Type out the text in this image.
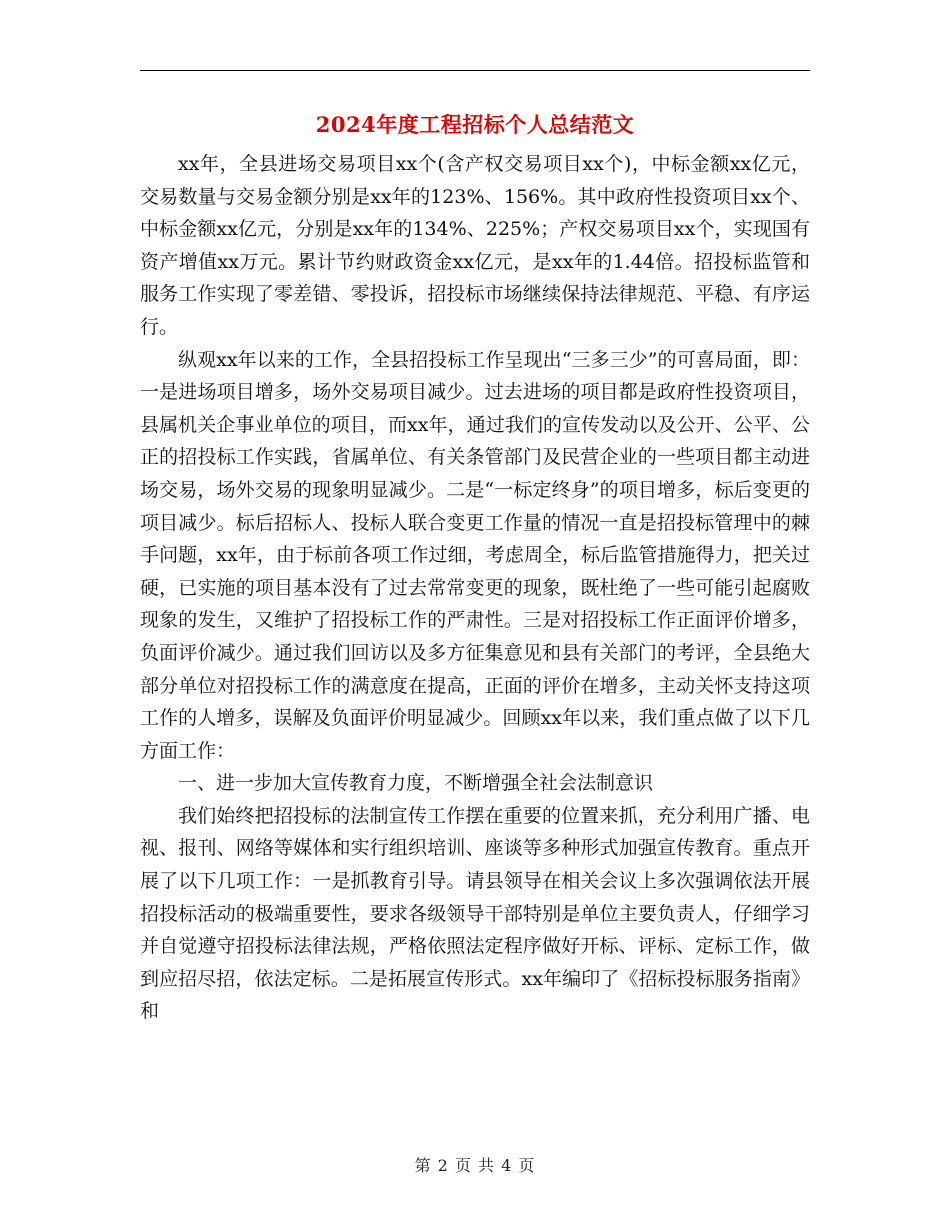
2024年度工程招标个人总结范文

xx年，全县进场交易项目xx个(含产权交易项目xx个)，中标金额xx亿元，交易数量与交易金额分别是xx年的123%、156%。其中政府性投资项目xx个、中标金额xx亿元，分别是xx年的134%、225%；产权交易项目xx个，实现国有资产增值xx万元。累计节约财政资金xx亿元，是xx年的1.44倍。招投标监管和服务工作实现了零差错、零投诉，招投标市场继续保持法律规范、平稳、有序运行。

纵观xx年以来的工作，全县招投标工作呈现出“三多三少”的可喜局面，即：一是进场项目增多，场外交易项目减少。过去进场的项目都是政府性投资项目，县属机关企事业单位的项目，而xx年，通过我们的宣传发动以及公开、公平、公正的招投标工作实践，省属单位、有关条管部门及民营企业的一些项目都主动进场交易，场外交易的现象明显减少。二是“一标定终身”的项目增多，标后变更的项目减少。标后招标人、投标人联合变更工作量的情况一直是招投标管理中的棘手问题，xx年，由于标前各项工作过细，考虑周全，标后监管措施得力，把关过硬，已实施的项目基本没有了过去常常变更的现象，既杜绝了一些可能引起腐败现象的发生，又维护了招投标工作的严肃性。三是对招投标工作正面评价增多，负面评价减少。通过我们回访以及多方征集意见和县有关部门的考评，全县绝大部分单位对招投标工作的满意度在提高，正面的评价在增多，主动关怀支持这项工作的人增多，误解及负面评价明显减少。回顾xx年以来，我们重点做了以下几方面工作：

一、进一步加大宣传教育力度，不断增强全社会法制意识

我们始终把招投标的法制宣传工作摆在重要的位置来抓，充分利用广播、电视、报刊、网络等媒体和实行组织培训、座谈等多种形式加强宣传教育。重点开展了以下几项工作：一是抓教育引导。请县领导在相关会议上多次强调依法开展招投标活动的极端重要性，要求各级领导干部特别是单位主要负责人，仔细学习并自觉遵守招投标法律法规，严格依照法定程序做好开标、评标、定标工作，做到应招尽招，依法定标。二是拓展宣传形式。xx年编印了《招标投标服务指南》和

第 2 页 共 4 页
